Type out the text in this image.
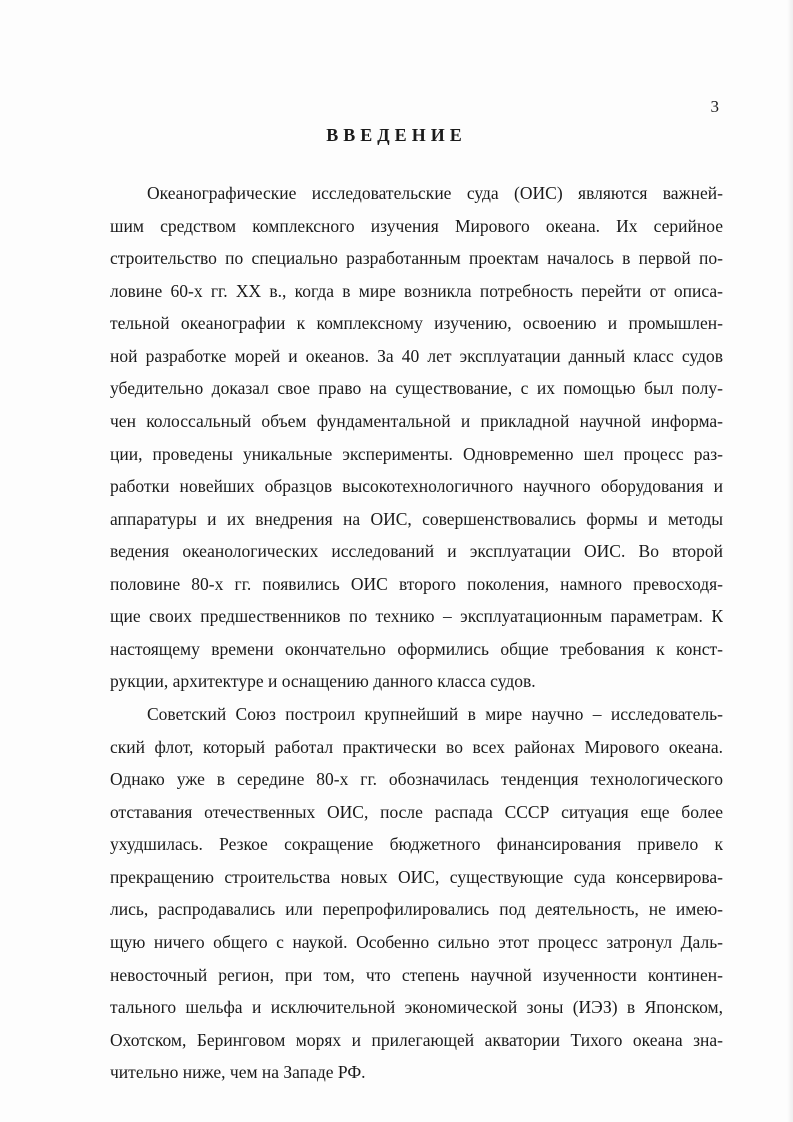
3
ВВЕДЕНИЕ
Океанографические исследовательские суда (ОИС) являются важней-
шим средством комплексного изучения Мирового океана. Их серийное
строительство по специально разработанным проектам началось в первой по-
ловине 60-х гг. XX в., когда в мире возникла потребность перейти от описа-
тельной океанографии к комплексному изучению, освоению и промышлен-
ной разработке морей и океанов. За 40 лет эксплуатации данный класс судов
убедительно доказал свое право на существование, с их помощью был полу-
чен колоссальный объем фундаментальной и прикладной научной информа-
ции, проведены уникальные эксперименты. Одновременно шел процесс раз-
работки новейших образцов высокотехнологичного научного оборудования и
аппаратуры и их внедрения на ОИС, совершенствовались формы и методы
ведения океанологических исследований и эксплуатации ОИС. Во второй
половине 80-х гг. появились ОИС второго поколения, намного превосходя-
щие своих предшественников по технико – эксплуатационным параметрам. К
настоящему времени окончательно оформились общие требования к конст-
рукции, архитектуре и оснащению данного класса судов.
Советский Союз построил крупнейший в мире научно – исследователь-
ский флот, который работал практически во всех районах Мирового океана.
Однако уже в середине 80-х гг. обозначилась тенденция технологического
отставания отечественных ОИС, после распада СССР ситуация еще более
ухудшилась. Резкое сокращение бюджетного финансирования привело к
прекращению строительства новых ОИС, существующие суда консервирова-
лись, распродавались или перепрофилировались под деятельность, не имею-
щую ничего общего с наукой. Особенно сильно этот процесс затронул Даль-
невосточный регион, при том, что степень научной изученности континен-
тального шельфа и исключительной экономической зоны (ИЭЗ) в Японском,
Охотском, Беринговом морях и прилегающей акватории Тихого океана зна-
чительно ниже, чем на Западе РФ.
